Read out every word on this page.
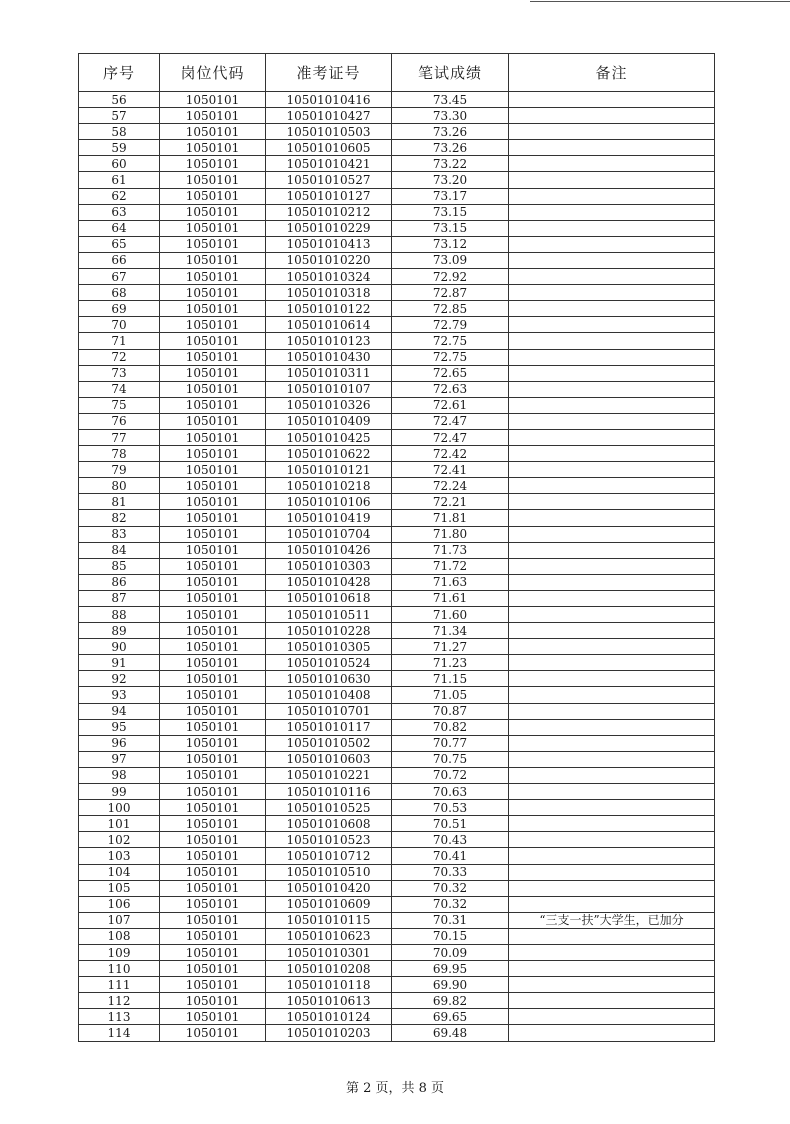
序号	岗位代码	准考证号	笔试成绩	备注
56	1050101	10501010416	73.45	
57	1050101	10501010427	73.30	
58	1050101	10501010503	73.26	
59	1050101	10501010605	73.26	
60	1050101	10501010421	73.22	
61	1050101	10501010527	73.20	
62	1050101	10501010127	73.17	
63	1050101	10501010212	73.15	
64	1050101	10501010229	73.15	
65	1050101	10501010413	73.12	
66	1050101	10501010220	73.09	
67	1050101	10501010324	72.92	
68	1050101	10501010318	72.87	
69	1050101	10501010122	72.85	
70	1050101	10501010614	72.79	
71	1050101	10501010123	72.75	
72	1050101	10501010430	72.75	
73	1050101	10501010311	72.65	
74	1050101	10501010107	72.63	
75	1050101	10501010326	72.61	
76	1050101	10501010409	72.47	
77	1050101	10501010425	72.47	
78	1050101	10501010622	72.42	
79	1050101	10501010121	72.41	
80	1050101	10501010218	72.24	
81	1050101	10501010106	72.21	
82	1050101	10501010419	71.81	
83	1050101	10501010704	71.80	
84	1050101	10501010426	71.73	
85	1050101	10501010303	71.72	
86	1050101	10501010428	71.63	
87	1050101	10501010618	71.61	
88	1050101	10501010511	71.60	
89	1050101	10501010228	71.34	
90	1050101	10501010305	71.27	
91	1050101	10501010524	71.23	
92	1050101	10501010630	71.15	
93	1050101	10501010408	71.05	
94	1050101	10501010701	70.87	
95	1050101	10501010117	70.82	
96	1050101	10501010502	70.77	
97	1050101	10501010603	70.75	
98	1050101	10501010221	70.72	
99	1050101	10501010116	70.63	
100	1050101	10501010525	70.53	
101	1050101	10501010608	70.51	
102	1050101	10501010523	70.43	
103	1050101	10501010712	70.41	
104	1050101	10501010510	70.33	
105	1050101	10501010420	70.32	
106	1050101	10501010609	70.32	
107	1050101	10501010115	70.31	“三支一扶”大学生，已加分
108	1050101	10501010623	70.15	
109	1050101	10501010301	70.09	
110	1050101	10501010208	69.95	
111	1050101	10501010118	69.90	
112	1050101	10501010613	69.82	
113	1050101	10501010124	69.65	
114	1050101	10501010203	69.48	
第 2 页，共 8 页
